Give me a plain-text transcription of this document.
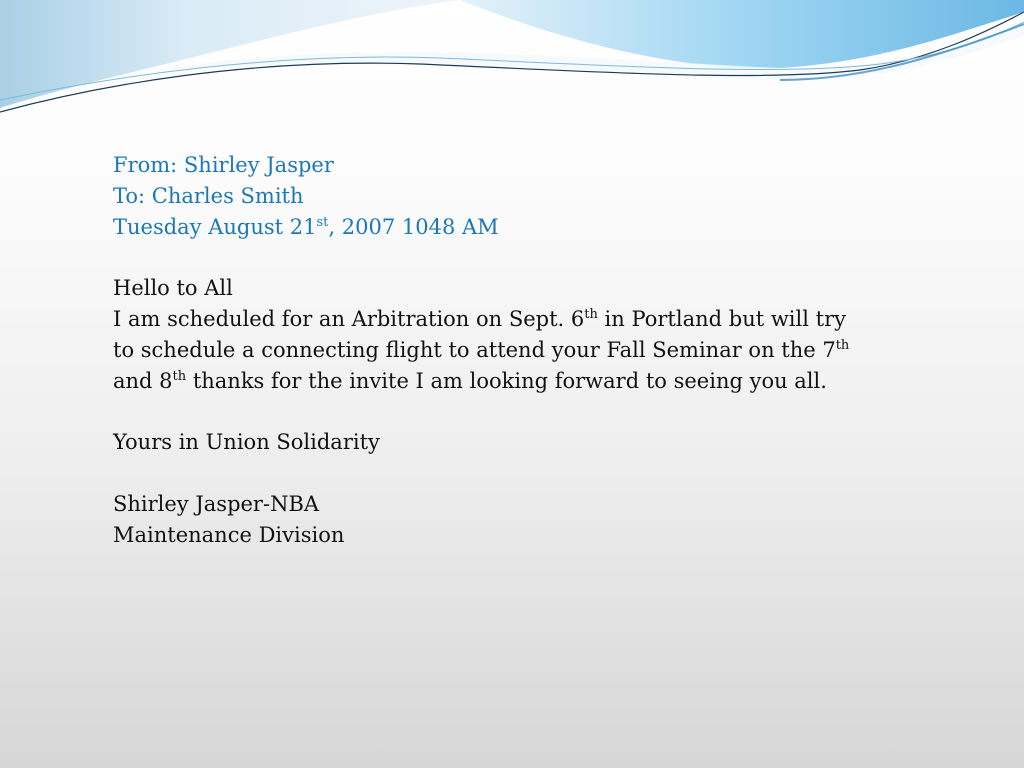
From: Shirley Jasper
To: Charles Smith
Tuesday August 21st, 2007 1048 AM
Hello to All
I am scheduled for an Arbitration on Sept. 6th in Portland but will try
to schedule a connecting flight to attend your Fall Seminar on the 7th
and 8th thanks for the invite I am looking forward to seeing you all.
Yours in Union Solidarity
Shirley Jasper-NBA
Maintenance Division
